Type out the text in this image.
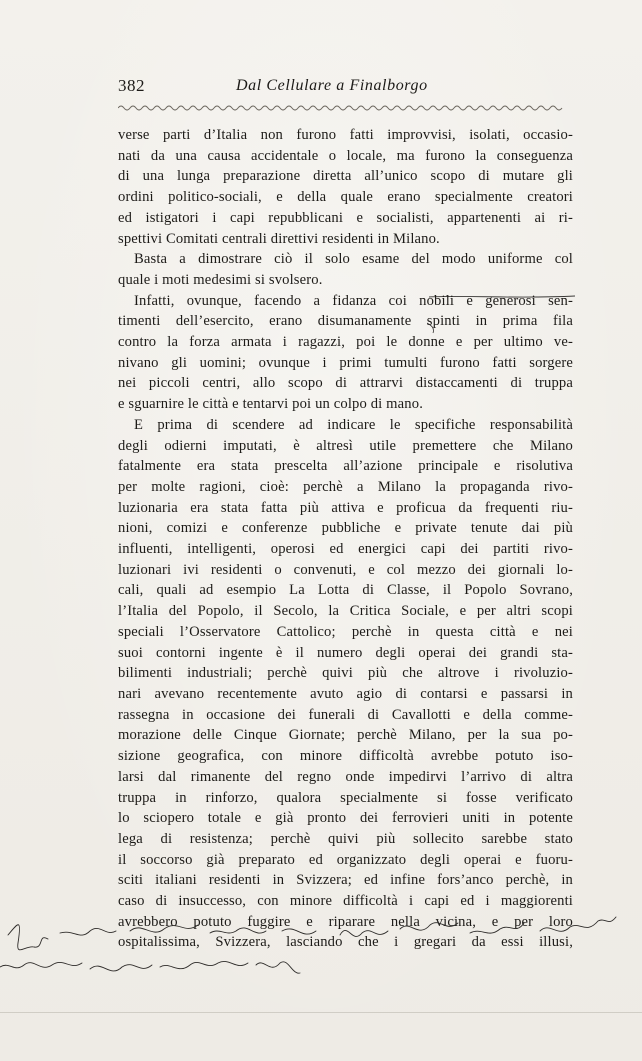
382	Dal Cellulare a Finalborgo
verse parti d’Italia non furono fatti improvvisi, isolati, occasio-
nati da una causa accidentale o locale, ma furono la conseguenza
di una lunga preparazione diretta all’unico scopo di mutare gli
ordini politico-sociali, e della quale erano specialmente creatori
ed istigatori i capi repubblicani e socialisti, appartenenti ai ri-
spettivi Comitati centrali direttivi residenti in Milano.
Basta a dimostrare ciò il solo esame del modo uniforme col
quale i moti medesimi si svolsero.
Infatti, ovunque, facendo a fidanza coi nobili e generosi sen-
timenti dell’esercito, erano disumanamente spinti in prima fila
contro la forza armata i ragazzi, poi le donne e per ultimo ve-
nivano gli uomini; ovunque i primi tumulti furono fatti sorgere
nei piccoli centri, allo scopo di attrarvi distaccamenti di truppa
e sguarnire le città e tentarvi poi un colpo di mano.
E prima di scendere ad indicare le specifiche responsabilità
degli odierni imputati, è altresì utile premettere che Milano
fatalmente era stata prescelta all’azione principale e risolutiva
per molte ragioni, cioè: perchè a Milano la propaganda rivo-
luzionaria era stata fatta più attiva e proficua da frequenti riu-
nioni, comizi e conferenze pubbliche e private tenute dai più
influenti, intelligenti, operosi ed energici capi dei partiti rivo-
luzionari ivi residenti o convenuti, e col mezzo dei giornali lo-
cali, quali ad esempio La Lotta di Classe, il Popolo Sovrano,
l’Italia del Popolo, il Secolo, la Critica Sociale, e per altri scopi
speciali l’Osservatore Cattolico; perchè in questa città e nei
suoi contorni ingente è il numero degli operai dei grandi sta-
bilimenti industriali; perchè quivi più che altrove i rivoluzio-
nari avevano recentemente avuto agio di contarsi e passarsi in
rassegna in occasione dei funerali di Cavallotti e della comme-
morazione delle Cinque Giornate; perchè Milano, per la sua po-
sizione geografica, con minore difficoltà avrebbe potuto iso-
larsi dal rimanente del regno onde impedirvi l’arrivo di altra
truppa in rinforzo, qualora specialmente si fosse verificato
lo sciopero totale e già pronto dei ferrovieri uniti in potente
lega di resistenza; perchè quivi più sollecito sarebbe stato
il soccorso già preparato ed organizzato degli operai e fuoru-
sciti italiani residenti in Svizzera; ed infine fors’anco perchè, in
caso di insuccesso, con minore difficoltà i capi ed i maggiorenti
avrebbero potuto fuggire e riparare nella vicina, e per loro
ospitalissima, Svizzera, lasciando che i gregari da essi illusi,
